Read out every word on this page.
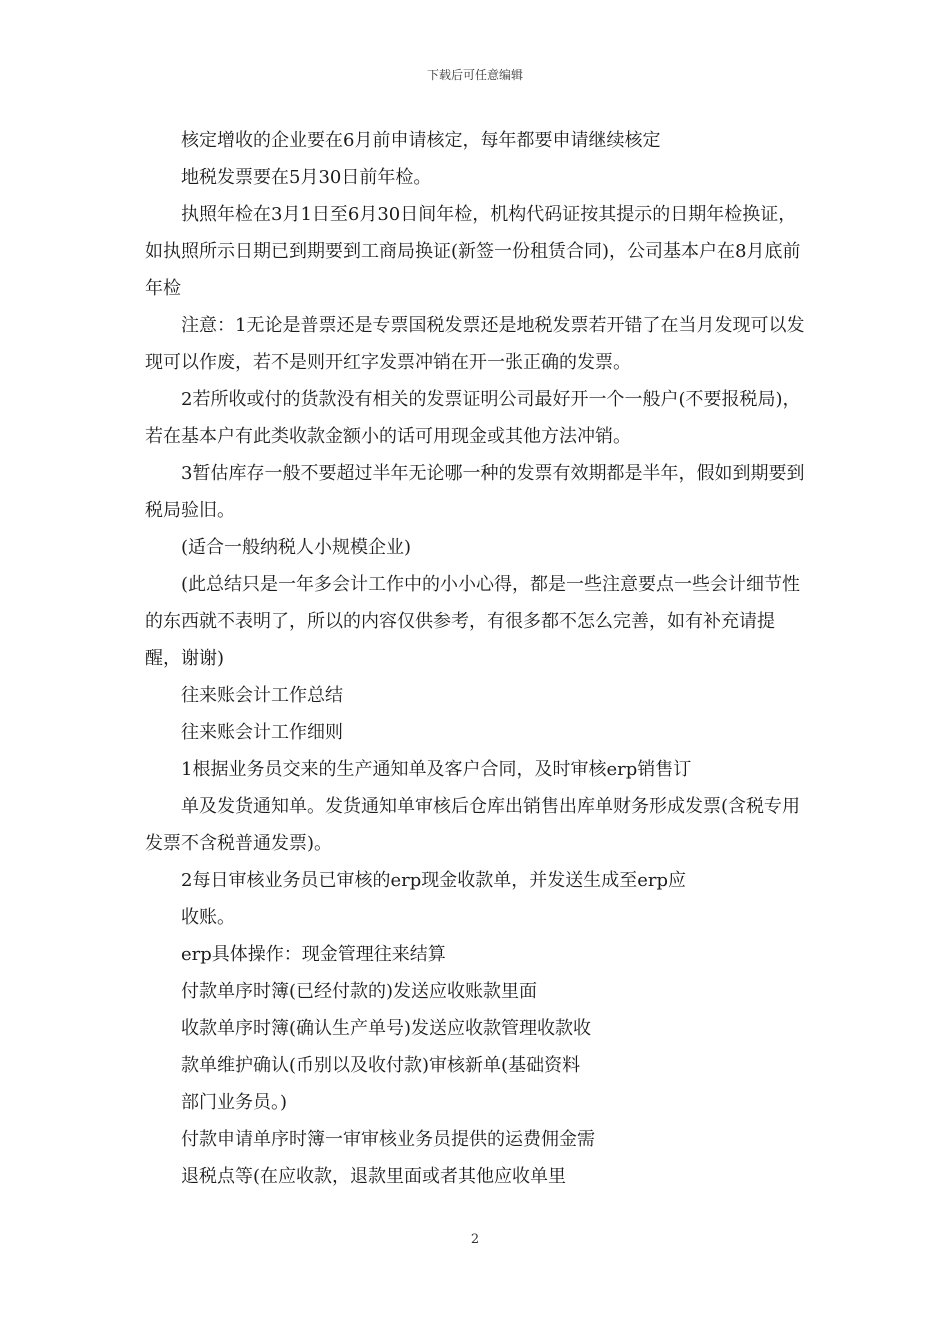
下载后可任意编辑

核定增收的企业要在6月前申请核定，每年都要申请继续核定

地税发票要在5月30日前年检。

执照年检在3月1日至6月30日间年检，机构代码证按其提示的日期年检换证，如执照所示日期已到期要到工商局换证(新签一份租赁合同)，公司基本户在8月底前年检

注意：1无论是普票还是专票国税发票还是地税发票若开错了在当月发现可以发现可以作废，若不是则开红字发票冲销在开一张正确的发票。

2若所收或付的货款没有相关的发票证明公司最好开一个一般户(不要报税局)，若在基本户有此类收款金额小的话可用现金或其他方法冲销。

3暂估库存一般不要超过半年无论哪一种的发票有效期都是半年，假如到期要到税局验旧。

(适合一般纳税人小规模企业)

(此总结只是一年多会计工作中的小小心得，都是一些注意要点一些会计细节性的东西就不表明了，所以的内容仅供参考，有很多都不怎么完善，如有补充请提醒，谢谢)

往来账会计工作总结

往来账会计工作细则

1根据业务员交来的生产通知单及客户合同，及时审核erp销售订

单及发货通知单。发货通知单审核后仓库出销售出库单财务形成发票(含税专用发票不含税普通发票)。

2每日审核业务员已审核的erp现金收款单，并发送生成至erp应

收账。

erp具体操作：现金管理往来结算

付款单序时簿(已经付款的)发送应收账款里面

收款单序时簿(确认生产单号)发送应收款管理收款收

款单维护确认(币别以及收付款)审核新单(基础资料

部门业务员。)

付款申请单序时簿一审审核业务员提供的运费佣金需

退税点等(在应收款，退款里面或者其他应收单里

2
